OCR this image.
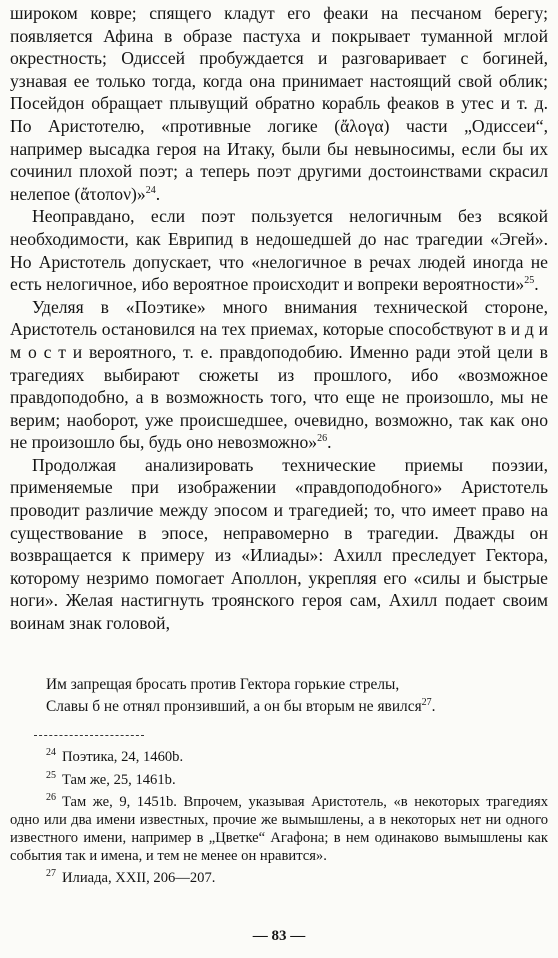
широком ковре; спящего кладут его феаки на песчаном берегу; появляется Афина в образе пастуха и покрывает туманной мглой окрестность; Одиссей пробуждается и разговаривает с богиней, узнавая ее только тогда, когда она принимает настоящий свой облик; Посейдон обращает плывущий обратно корабль феаков в утес и т. д. По Аристотелю, «противные логике (ἄλογα) части „Одиссеи“, например высадка героя на Итаку, были бы невыносимы, если бы их сочинил плохой поэт; а теперь поэт другими достоинствами скрасил нелепое (ἄτοπον)»$^{24}$.

Неоправдано, если поэт пользуется нелогичным без всякой необходимости, как Еврипид в недошедшей до нас трагедии «Эгей». Но Аристотель допускает, что «нелогичное в речах людей иногда не есть нелогичное, ибо вероятное происходит и вопреки вероятности»$^{25}$.

Уделяя в «Поэтике» много внимания технической стороне, Аристотель остановился на тех приемах, которые способствуют в и д и м о с т и вероятного, т. е. правдоподобию. Именно ради этой цели в трагедиях выбирают сюжеты из прошлого, ибо «возможное правдоподобно, а в возможность того, что еще не произошло, мы не верим; наоборот, уже происшедшее, очевидно, возможно, так как оно не произошло бы, будь оно невозможно»$^{26}$.

Продолжая анализировать технические приемы поэзии, применяемые при изображении «правдоподобного» Аристотель проводит различие между эпосом и трагедией; то, что имеет право на существование в эпосе, неправомерно в трагедии. Дважды он возвращается к примеру из «Илиады»: Ахилл преследует Гектора, которому незримо помогает Аполлон, укрепляя его «силы и быстрые ноги». Желая настигнуть троянского героя сам, Ахилл подает своим воинам знак головой,

Им запрещая бросать против Гектора горькие стрелы,

Славы б не отнял пронзивший, а он бы вторым не явился$^{27}$.

$^{24}$ Поэтика, 24, 1460b.

$^{25}$ Там же, 25, 1461b.

$^{26}$ Там же, 9, 1451b. Впрочем, указывая Аристотель, «в некоторых трагедиях одно или два имени известных, прочие же вымышлены, а в некоторых нет ни одного известного имени, например в „Цветке“ Агафона; в нем одинаково вымышлены как события так и имена, и тем не менее он нравится».

$^{27}$ Илиада, XXII, 206—207.

— 83 —
